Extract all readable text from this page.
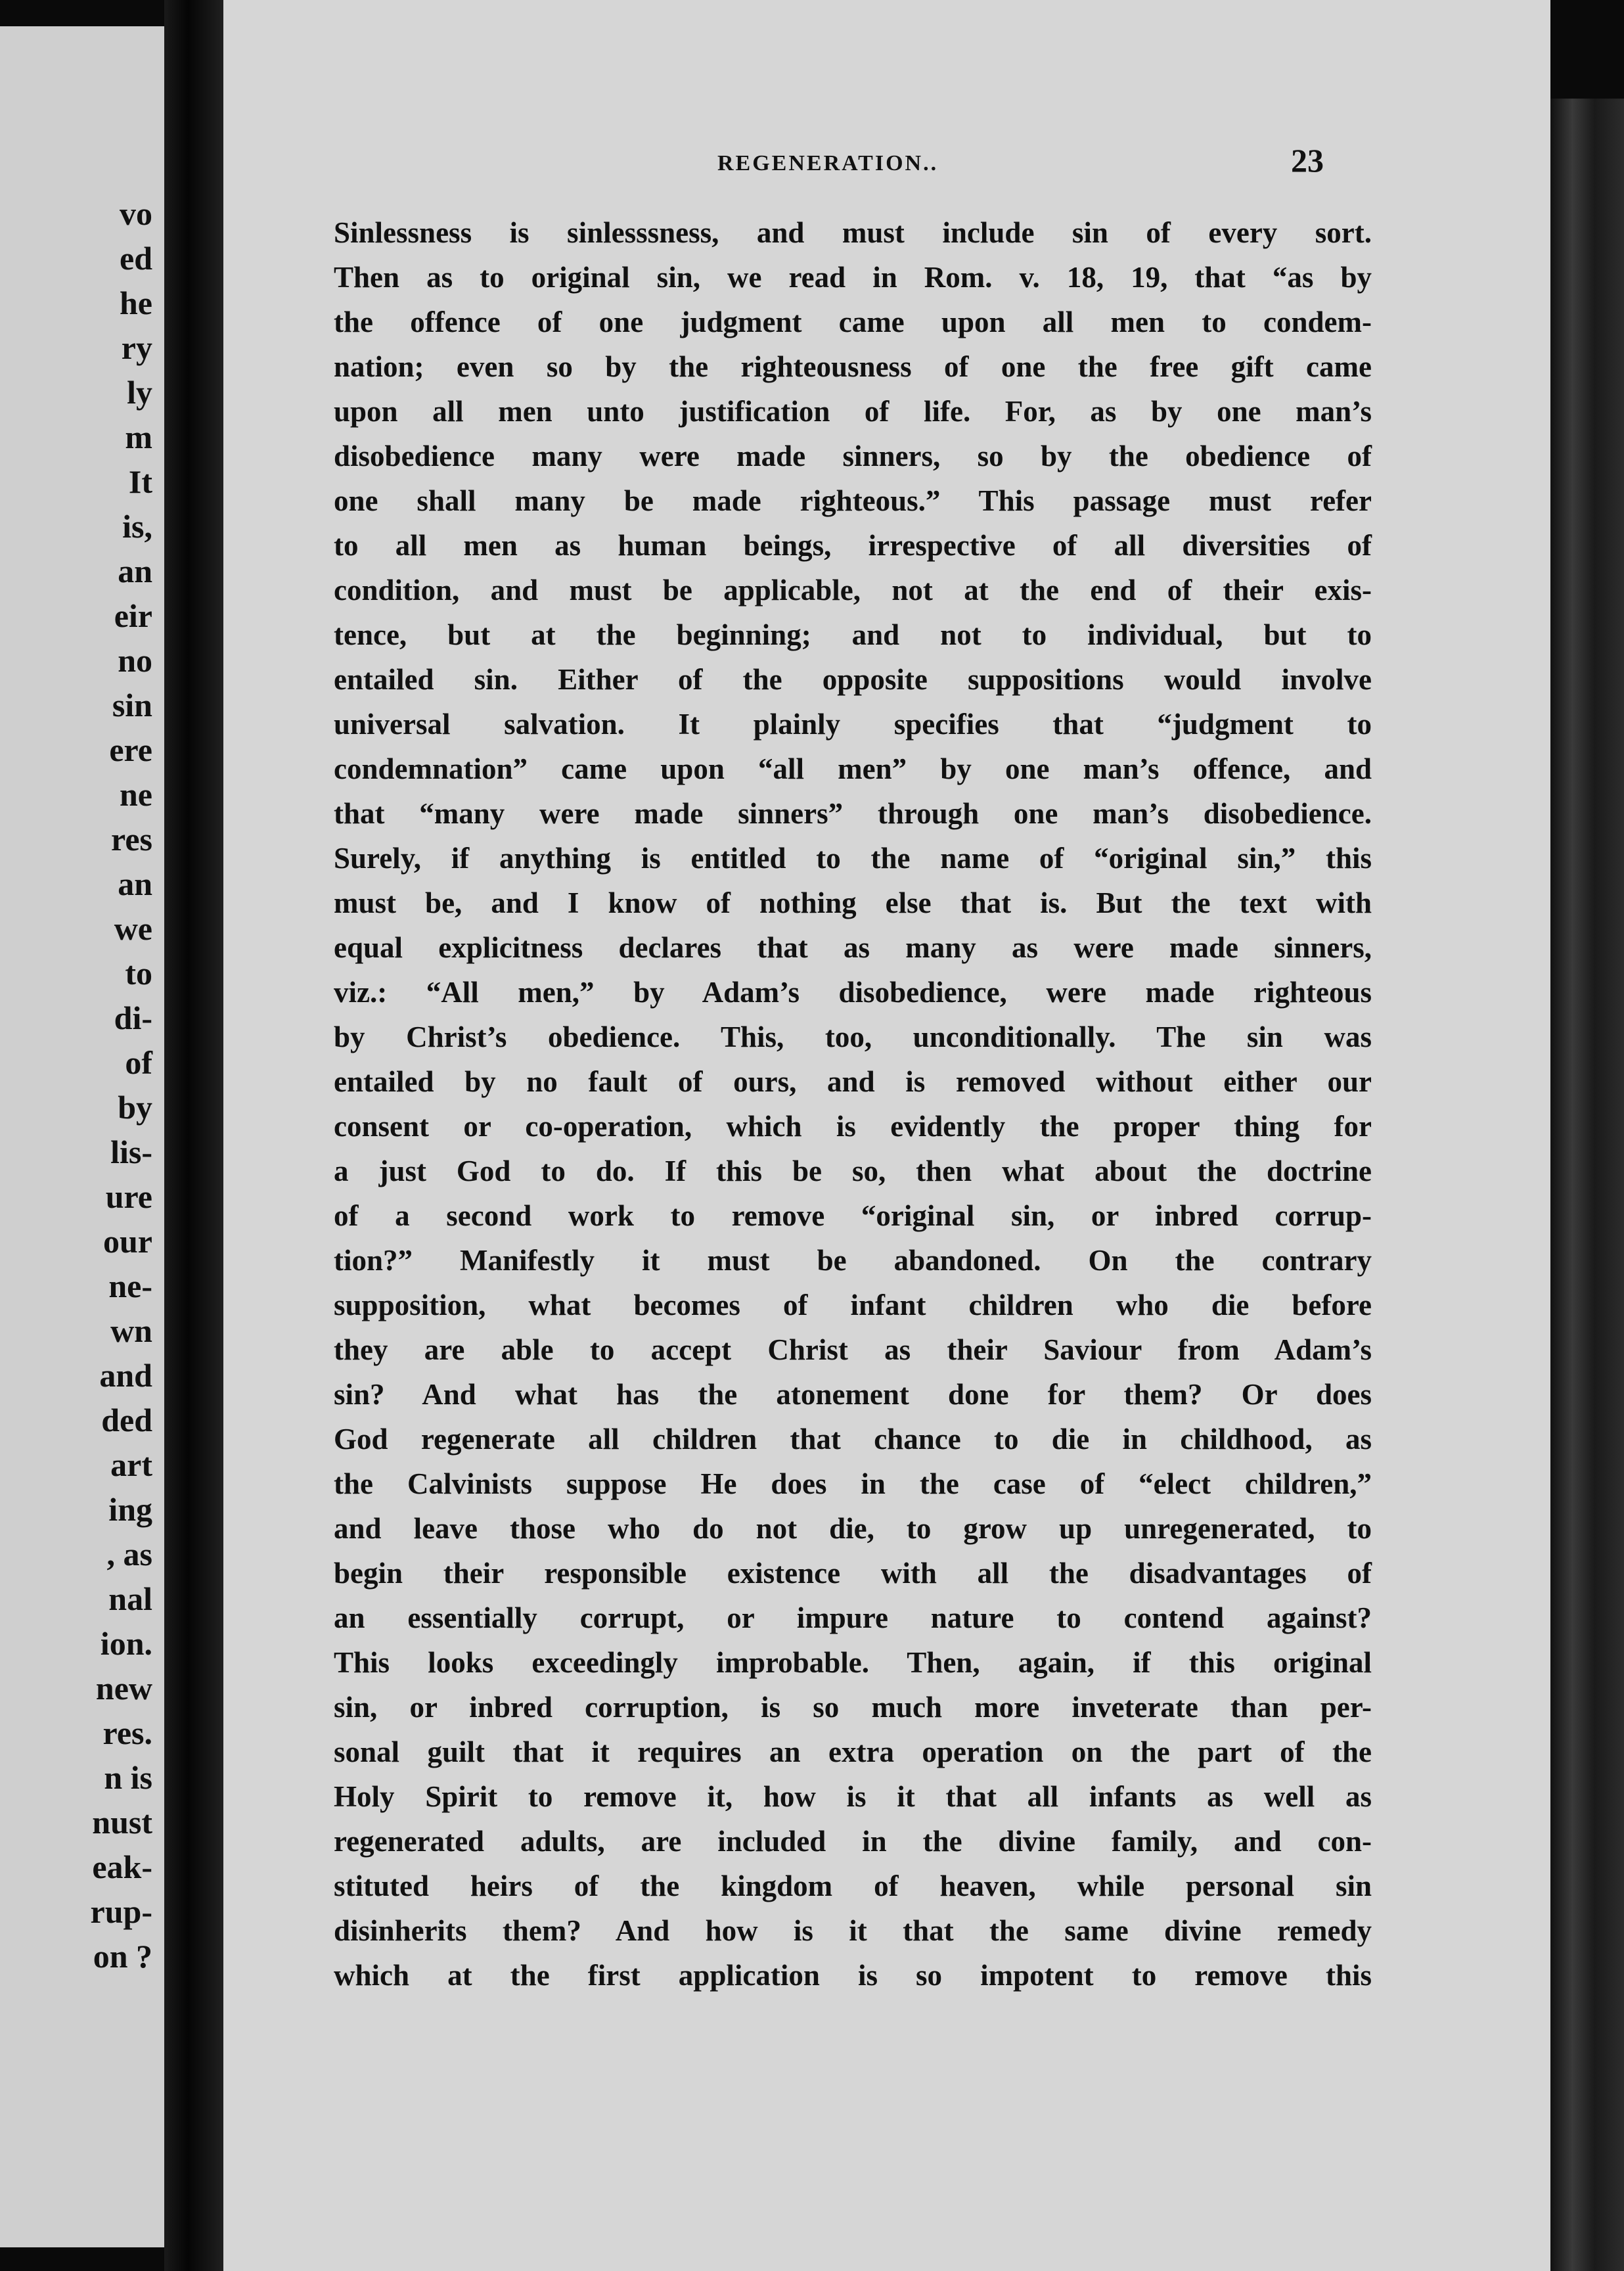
vo
ed
he
ry
ly
m
It
is,
an
eir
no
sin
ere
ne
res
an
we
to
di-
of
by
lis-
ure
our
ne-
wn
and
ded
art
ing
, as
nal
ion.
new
res.
n is
nust
eak-
rup-
on ?
REGENERATION..	23
Sinlessness is sinlesssness, and must include sin of every sort.
Then as to original sin, we read in Rom. v. 18, 19, that “as by
the offence of one judgment came upon all men to condem-
nation; even so by the righteousness of one the free gift came
upon all men unto justification of life. For, as by one man’s
disobedience many were made sinners, so by the obedience of
one shall many be made righteous.” This passage must refer
to all men as human beings, irrespective of all diversities of
condition, and must be applicable, not at the end of their exis-
tence, but at the beginning; and not to individual, but to
entailed sin. Either of the opposite suppositions would involve
universal salvation. It plainly specifies that “judgment to
condemnation” came upon “all men” by one man’s offence, and
that “many were made sinners” through one man’s disobedience.
Surely, if anything is entitled to the name of “original sin,” this
must be, and I know of nothing else that is. But the text with
equal explicitness declares that as many as were made sinners,
viz.: “All men,” by Adam’s disobedience, were made righteous
by Christ’s obedience. This, too, unconditionally. The sin was
entailed by no fault of ours, and is removed without either our
consent or co-operation, which is evidently the proper thing for
a just God to do. If this be so, then what about the doctrine
of a second work to remove “original sin, or inbred corrup-
tion?” Manifestly it must be abandoned. On the contrary
supposition, what becomes of infant children who die before
they are able to accept Christ as their Saviour from Adam’s
sin? And what has the atonement done for them? Or does
God regenerate all children that chance to die in childhood, as
the Calvinists suppose He does in the case of “elect children,”
and leave those who do not die, to grow up unregenerated, to
begin their responsible existence with all the disadvantages of
an essentially corrupt, or impure nature to contend against?
This looks exceedingly improbable. Then, again, if this original
sin, or inbred corruption, is so much more inveterate than per-
sonal guilt that it requires an extra operation on the part of the
Holy Spirit to remove it, how is it that all infants as well as
regenerated adults, are included in the divine family, and con-
stituted heirs of the kingdom of heaven, while personal sin
disinherits them? And how is it that the same divine remedy
which at the first application is so impotent to remove this
